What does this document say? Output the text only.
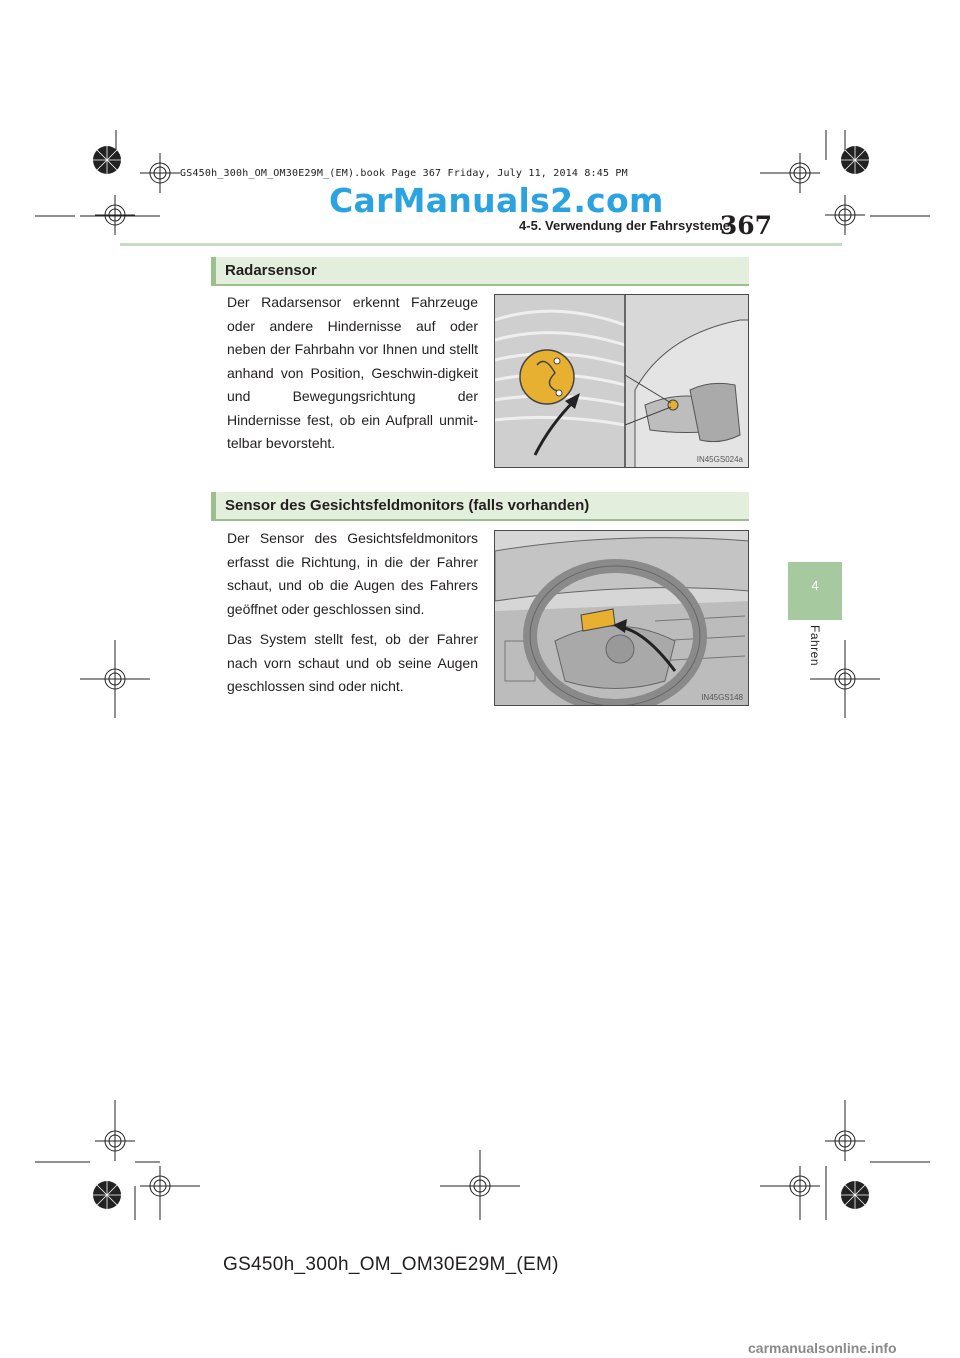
GS450h_300h_OM_OM30E29M_(EM).book Page 367 Friday, July 11, 2014 8:45 PM
CarManuals2.com
367
4-5. Verwendung der Fahrsysteme
4
Fahren
Radarsensor
Der Radarsensor erkennt Fahrzeuge oder andere Hindernisse auf oder neben der Fahrbahn vor Ihnen und stellt anhand von Position, Geschwin-digkeit und Bewegungsrichtung der Hindernisse fest, ob ein Aufprall unmit-telbar bevorsteht.
IN45GS024a
Sensor des Gesichtsfeldmonitors (falls vorhanden)
Der Sensor des Gesichtsfeldmonitors erfasst die Richtung, in die der Fahrer schaut, und ob die Augen des Fahrers geöffnet oder geschlossen sind.
Das System stellt fest, ob der Fahrer nach vorn schaut und ob seine Augen geschlossen sind oder nicht.
IN45GS148
GS450h_300h_OM_OM30E29M_(EM)
carmanualsonline.info
